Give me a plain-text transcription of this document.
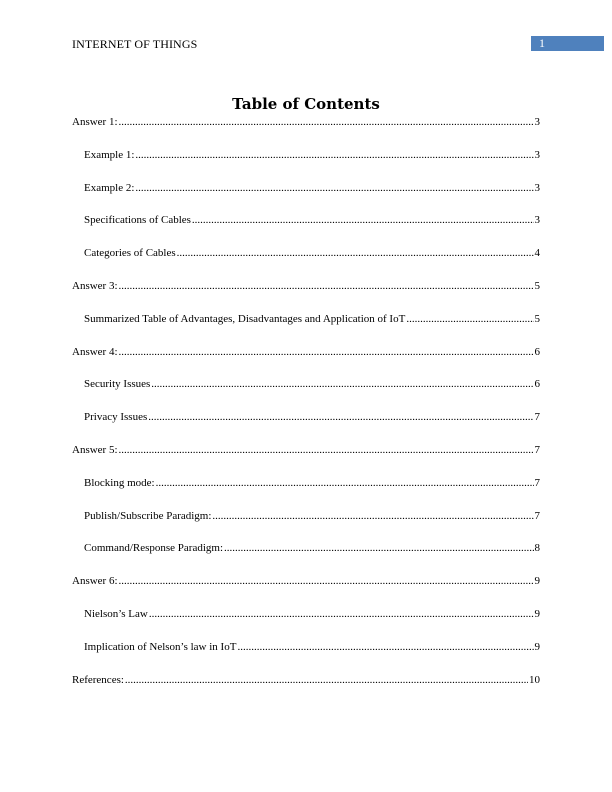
INTERNET OF THINGS	1
Table of Contents
Answer 1: .....	3
Example 1: .....	3
Example 2: .....	3
Specifications of Cables .....	3
Categories of Cables .....	4
Answer 3: .....	5
Summarized Table of Advantages, Disadvantages and Application of IoT .....	5
Answer 4: .....	6
Security Issues .....	6
Privacy Issues .....	7
Answer 5: .....	7
Blocking mode: .....	7
Publish/Subscribe Paradigm: .....	7
Command/Response Paradigm: .....	8
Answer 6: .....	9
Nielson’s Law .....	9
Implication of Nelson’s law in IoT .....	9
References: .....	10
